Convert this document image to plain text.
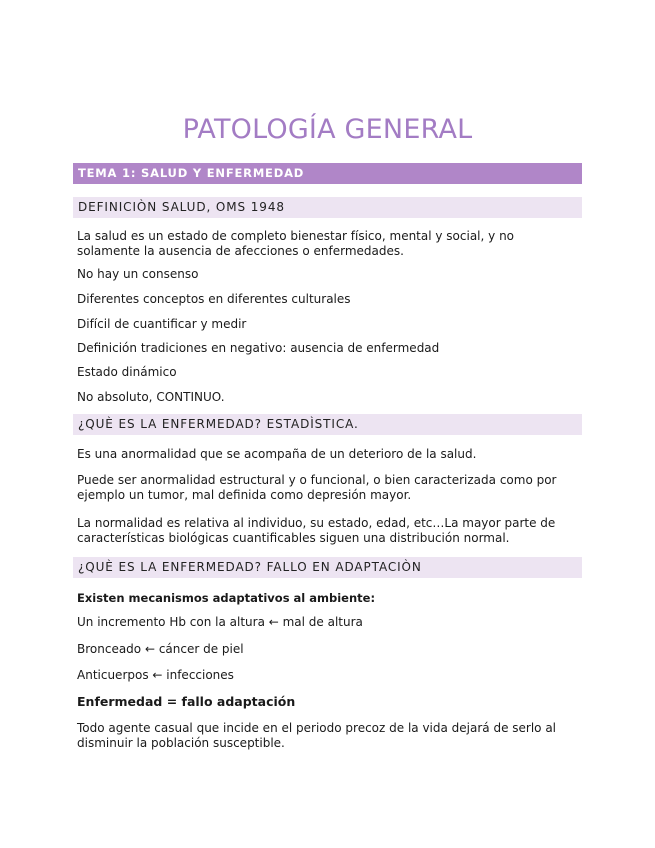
PATOLOGÍA GENERAL
TEMA 1: SALUD Y ENFERMEDAD
DEFINICIÒN SALUD, OMS 1948

La salud es un estado de completo bienestar físico, mental y social, y no solamente la ausencia de afecciones o enfermedades.

No hay un consenso

Diferentes conceptos en diferentes culturales

Difícil de cuantificar y medir

Definición tradiciones en negativo: ausencia de enfermedad

Estado dinámico

No absoluto, CONTINUO.

¿QUÈ ES LA ENFERMEDAD? ESTADÌSTICA.

Es una anormalidad que se acompaña de un deterioro de la salud.

Puede ser anormalidad estructural y o funcional, o bien caracterizada como por ejemplo un tumor, mal definida como depresión mayor.

La normalidad es relativa al individuo, su estado, edad, etc…La mayor parte de características biológicas cuantificables siguen una distribución normal.

¿QUÈ ES LA ENFERMEDAD? FALLO EN ADAPTACIÒN

Existen mecanismos adaptativos al ambiente:

Un incremento Hb con la altura ← mal de altura

Bronceado ← cáncer de piel

Anticuerpos ← infecciones

Enfermedad = fallo adaptación

Todo agente casual que incide en el periodo precoz de la vida dejará de serlo al disminuir la población susceptible.
